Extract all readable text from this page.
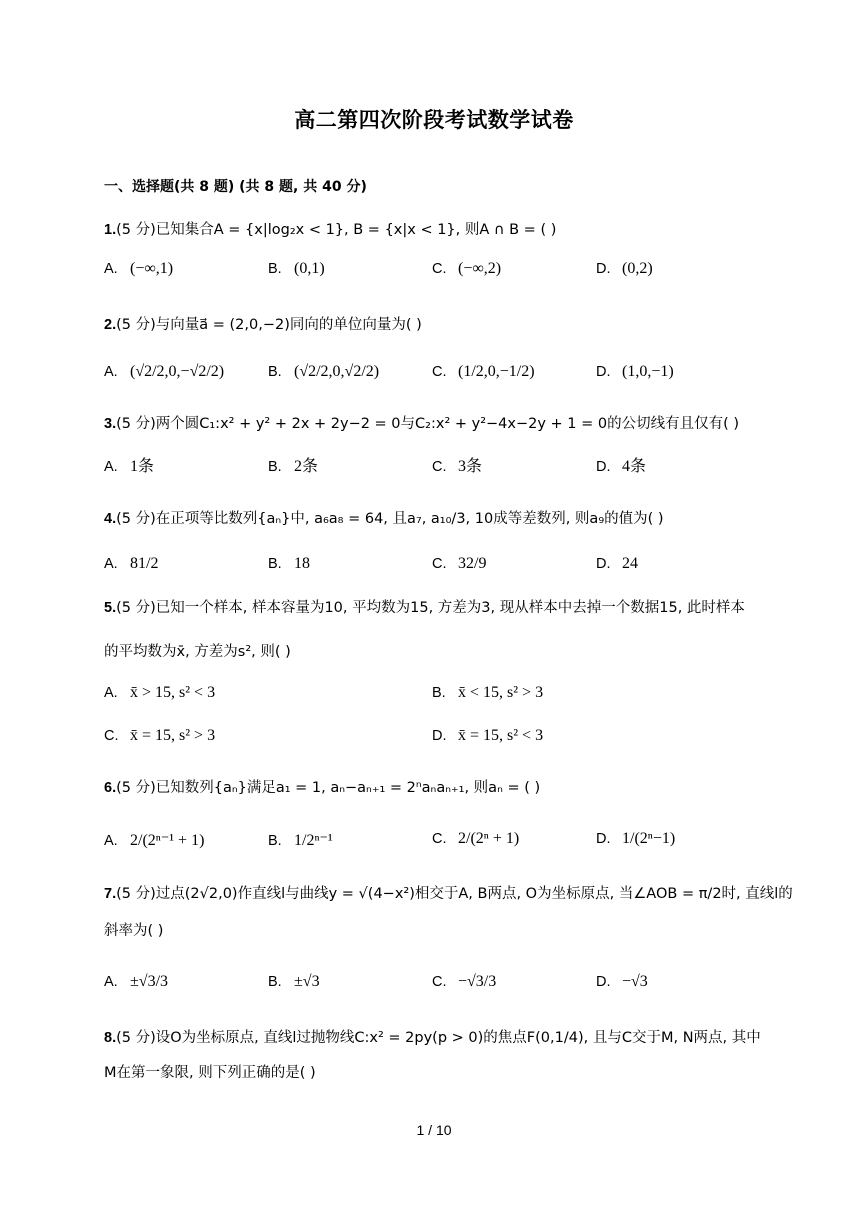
高二第四次阶段考试数学试卷
一、选择题(共 8 题) (共 8 题, 共 40 分)
1.(5 分)已知集合A = {x|log₂x < 1}, B = {x|x < 1}, 则A ∩ B = ( )
A. (−∞,1)	B. (0,1)	C. (−∞,2)	D. (0,2)
2.(5 分)与向量a⃗ = (2,0,−2)同向的单位向量为( )
A. (√2/2,0,−√2/2)	B. (√2/2,0,√2/2)	C. (1/2,0,−1/2)	D. (1,0,−1)
3.(5 分)两个圆C₁:x² + y² + 2x + 2y−2 = 0与C₂:x² + y²−4x−2y + 1 = 0的公切线有且仅有( )
A. 1条	B. 2条	C. 3条	D. 4条
4.(5 分)在正项等比数列{aₙ}中, a₆a₈ = 64, 且a₇, a₁₀/3, 10成等差数列, 则a₉的值为( )
A. 81/2	B. 18	C. 32/9	D. 24
5.(5 分)已知一个样本, 样本容量为10, 平均数为15, 方差为3, 现从样本中去掉一个数据15, 此时样本
的平均数为x̄, 方差为s², 则( )
A. x̄ > 15, s² < 3	B. x̄ < 15, s² > 3
C. x̄ = 15, s² > 3	D. x̄ = 15, s² < 3
6.(5 分)已知数列{aₙ}满足a₁ = 1, aₙ−aₙ₊₁ = 2ⁿaₙaₙ₊₁, 则aₙ = ( )
A. 2/(2ⁿ⁻¹ + 1)	B. 1/2ⁿ⁻¹	C. 2/(2ⁿ + 1)	D. 1/(2ⁿ−1)
7.(5 分)过点(2√2,0)作直线l与曲线y = √(4−x²)相交于A, B两点, O为坐标原点, 当∠AOB = π/2时, 直线l的
斜率为( )
A. ±√3/3	B. ±√3	C. −√3/3	D. −√3
8.(5 分)设O为坐标原点, 直线l过抛物线C:x² = 2py(p > 0)的焦点F(0,1/4), 且与C交于M, N两点, 其中
M在第一象限, 则下列正确的是( )
1 / 10
